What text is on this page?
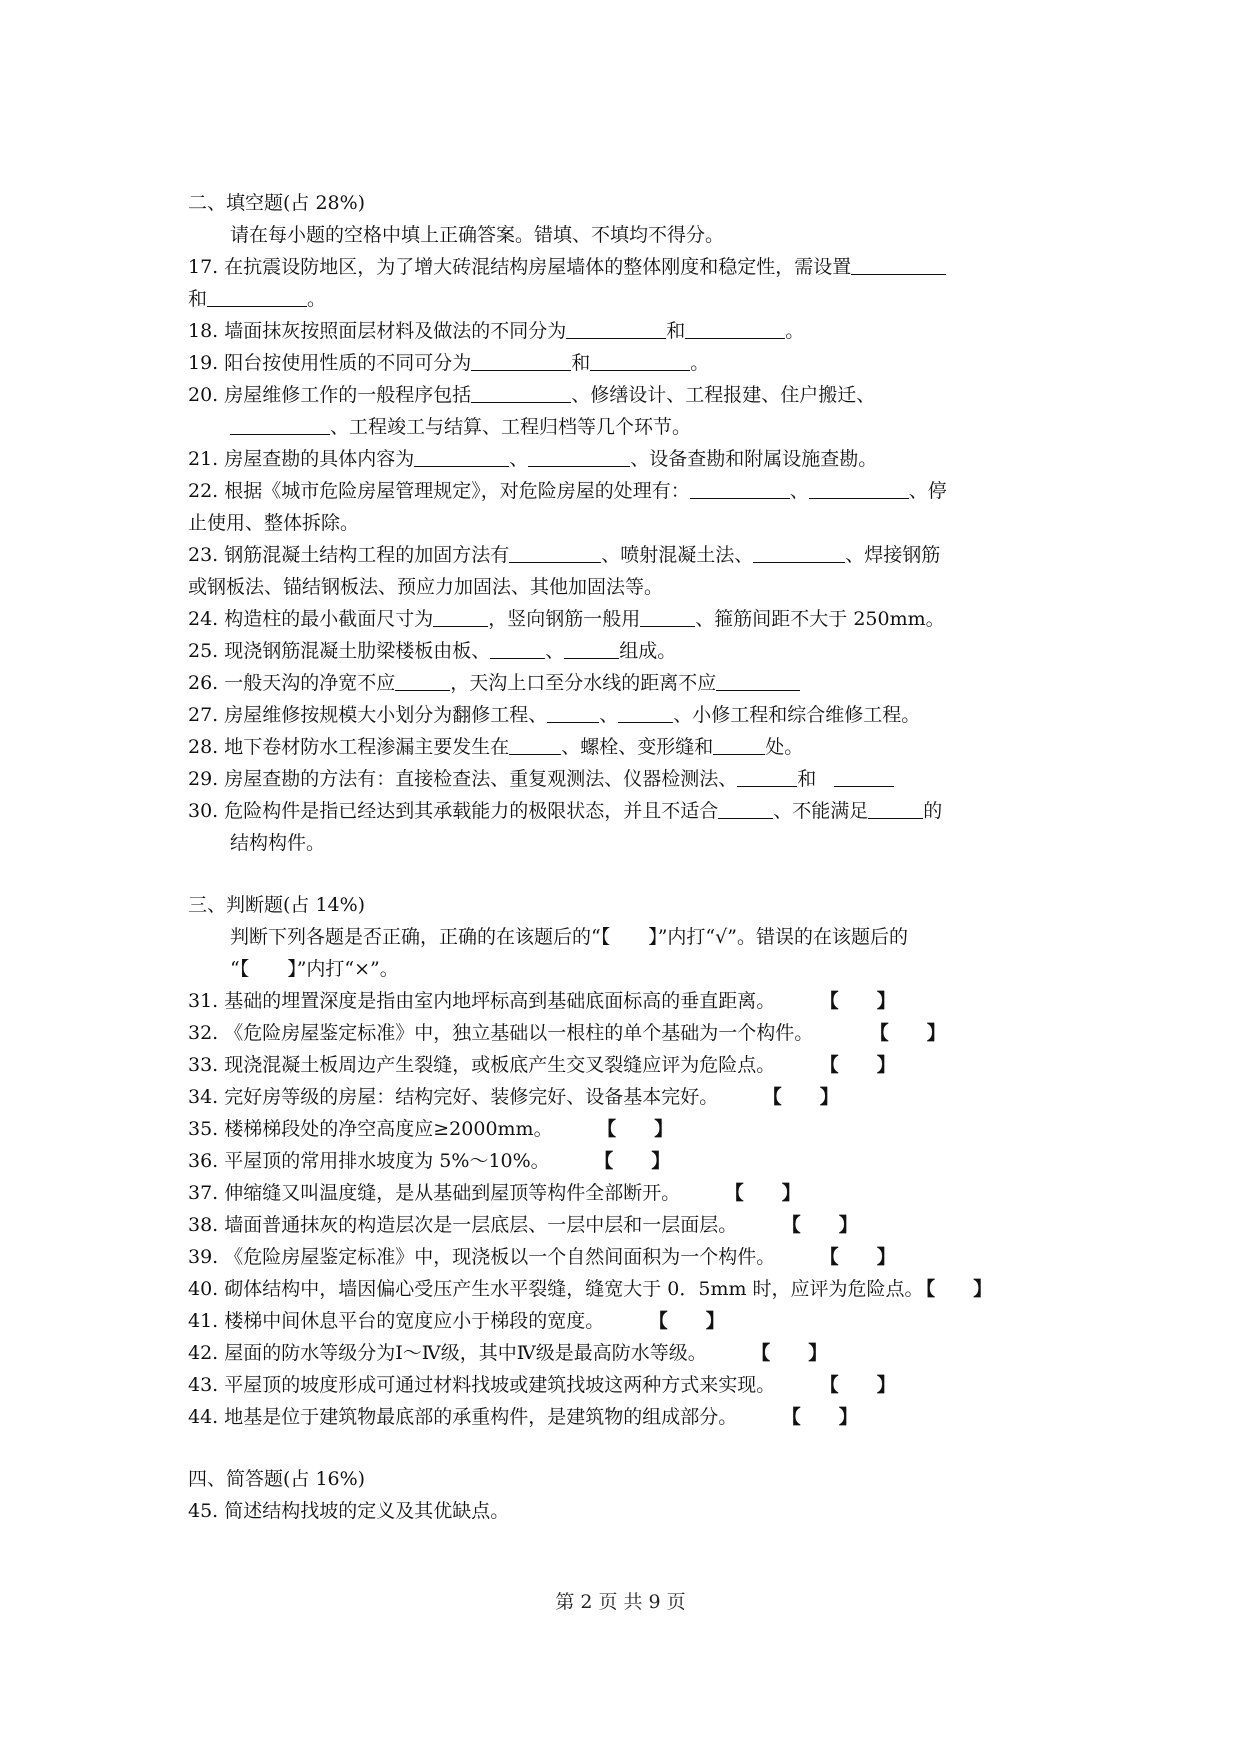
二、填空题(占 28%)
请在每小题的空格中填上正确答案。错填、不填均不得分。
17. 在抗震设防地区，为了增大砖混结构房屋墙体的整体刚度和稳定性，需设置
和	。
18. 墙面抹灰按照面层材料及做法的不同分为	和	。
19. 阳台按使用性质的不同可分为	和	。
20. 房屋维修工作的一般程序包括	、修缮设计、工程报建、住户搬迁、
、工程竣工与结算、工程归档等几个环节。
21. 房屋查勘的具体内容为	、	、设备查勘和附属设施查勘。
22. 根据《城市危险房屋管理规定》，对危险房屋的处理有：	、	、停
止使用、整体拆除。
23. 钢筋混凝土结构工程的加固方法有	、喷射混凝土法、	、焊接钢筋
或钢板法、锚结钢板法、预应力加固法、其他加固法等。
24. 构造柱的最小截面尺寸为	，竖向钢筋一般用	、箍筋间距不大于 250mm。
25. 现浇钢筋混凝土肋梁楼板由板、	、	组成。
26. 一般天沟的净宽不应	，天沟上口至分水线的距离不应
27. 房屋维修按规模大小划分为翻修工程、	、	、小修工程和综合维修工程。
28. 地下卷材防水工程渗漏主要发生在	、螺栓、变形缝和	处。
29. 房屋查勘的方法有：直接检查法、重复观测法、仪器检测法、	和
30. 危险构件是指已经达到其承载能力的极限状态，并且不适合	、不能满足	的
结构构件。
三、判断题(占 14%)
判断下列各题是否正确，正确的在该题后的“【　　】”内打“√”。错误的在该题后的
“【　　】”内打“×”。
31. 基础的埋置深度是指由室内地坪标高到基础底面标高的垂直距离。	【】
32. 《危险房屋鉴定标准》中，独立基础以一根柱的单个基础为一个构件。	【】
33. 现浇混凝土板周边产生裂缝，或板底产生交叉裂缝应评为危险点。	【】
34. 完好房等级的房屋：结构完好、装修完好、设备基本完好。	【】
35. 楼梯梯段处的净空高度应≥2000mm。	【】
36. 平屋顶的常用排水坡度为 5%～10%。	【】
37. 伸缩缝又叫温度缝，是从基础到屋顶等构件全部断开。	【】
38. 墙面普通抹灰的构造层次是一层底层、一层中层和一层面层。	【】
39. 《危险房屋鉴定标准》中，现浇板以一个自然间面积为一个构件。	【】
40. 砌体结构中，墙因偏心受压产生水平裂缝，缝宽大于 0．5mm 时，应评为危险点。 【】
41. 楼梯中间休息平台的宽度应小于梯段的宽度。	【】
42. 屋面的防水等级分为Ⅰ～Ⅳ级，其中Ⅳ级是最高防水等级。	【】
43. 平屋顶的坡度形成可通过材料找坡或建筑找坡这两种方式来实现。	【】
44. 地基是位于建筑物最底部的承重构件，是建筑物的组成部分。	【】
四、简答题(占 16%)
45. 简述结构找坡的定义及其优缺点。
第 2 页 共 9 页
